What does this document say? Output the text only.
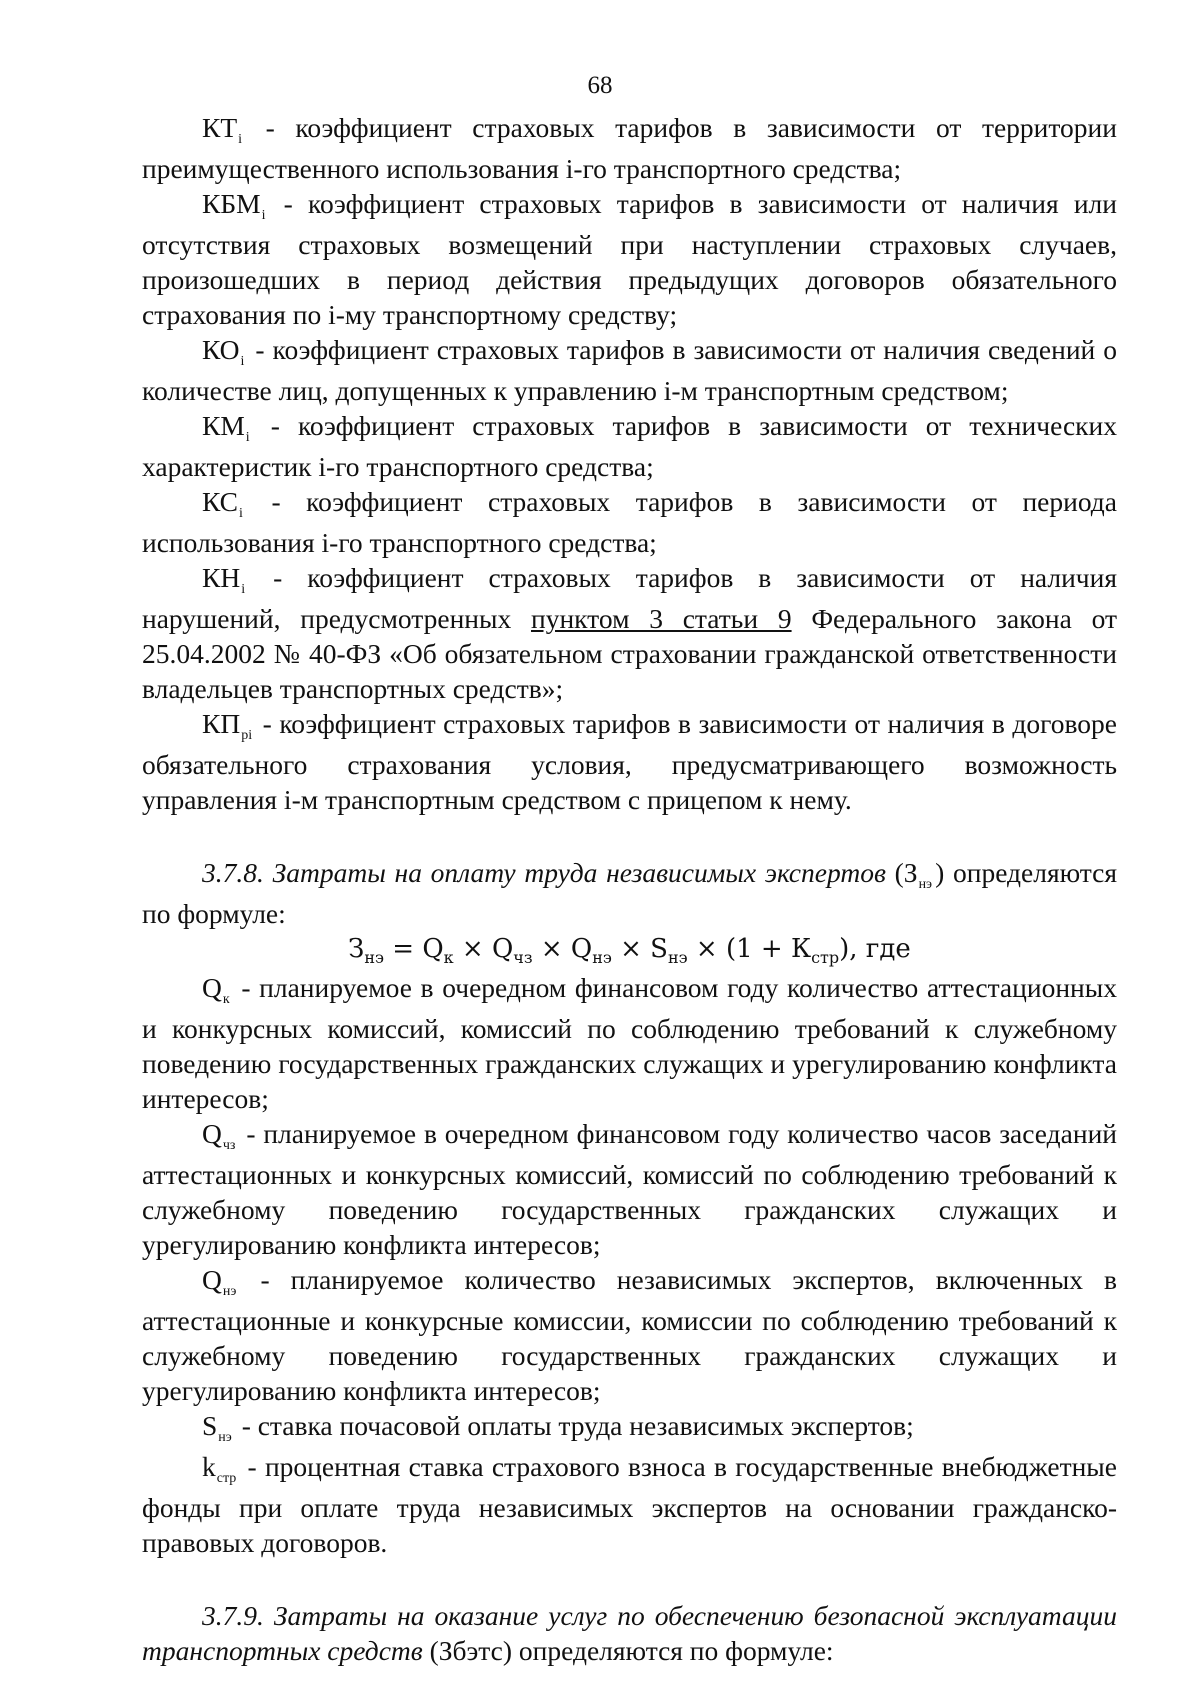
68

$КТ_i$ - коэффициент страховых тарифов в зависимости от территории преимущественного использования i-го транспортного средства;

$КБМ_i$ - коэффициент страховых тарифов в зависимости от наличия или отсутствия страховых возмещений при наступлении страховых случаев, произошедших в период действия предыдущих договоров обязательного страхования по i-му транспортному средству;

$КО_i$ - коэффициент страховых тарифов в зависимости от наличия сведений о количестве лиц, допущенных к управлению i-м транспортным средством;

$КМ_i$ - коэффициент страховых тарифов в зависимости от технических характеристик i-го транспортного средства;

$КС_i$ - коэффициент страховых тарифов в зависимости от периода использования i-го транспортного средства;

$КН_i$ - коэффициент страховых тарифов в зависимости от наличия нарушений, предусмотренных пунктом 3 статьи 9 Федерального закона от 25.04.2002 № 40-ФЗ «Об обязательном страховании гражданской ответственности владельцев транспортных средств»;

$КП_{pi}$ - коэффициент страховых тарифов в зависимости от наличия в договоре обязательного страхования условия, предусматривающего возможность управления i-м транспортным средством с прицепом к нему.

3.7.8. Затраты на оплату труда независимых экспертов ($З_{нэ}$ ) определяются по формуле:

$З_{нэ} = Q_к \times Q_{чз} \times Q_{нэ} \times S_{нэ} \times (1 + К_{стр})$, где

$Q_к$ - планируемое в очередном финансовом году количество аттестационных и конкурсных комиссий, комиссий по соблюдению требований к служебному поведению государственных гражданских служащих и урегулированию конфликта интересов;

$Q_{чз}$ - планируемое в очередном финансовом году количество часов заседаний аттестационных и конкурсных комиссий, комиссий по соблюдению требований к служебному поведению государственных гражданских служащих и урегулированию конфликта интересов;

$Q_{нэ}$ - планируемое количество независимых экспертов, включенных в аттестационные и конкурсные комиссии, комиссии по соблюдению требований к служебному поведению государственных гражданских служащих и урегулированию конфликта интересов;

$S_{нэ}$ - ставка почасовой оплаты труда независимых экспертов;

$k_{стр}$ - процентная ставка страхового взноса в государственные внебюджетные фонды при оплате труда независимых экспертов на основании гражданско-правовых договоров.

3.7.9. Затраты на оказание услуг по обеспечению безопасной эксплуатации транспортных средств (Збэтс) определяются по формуле:
